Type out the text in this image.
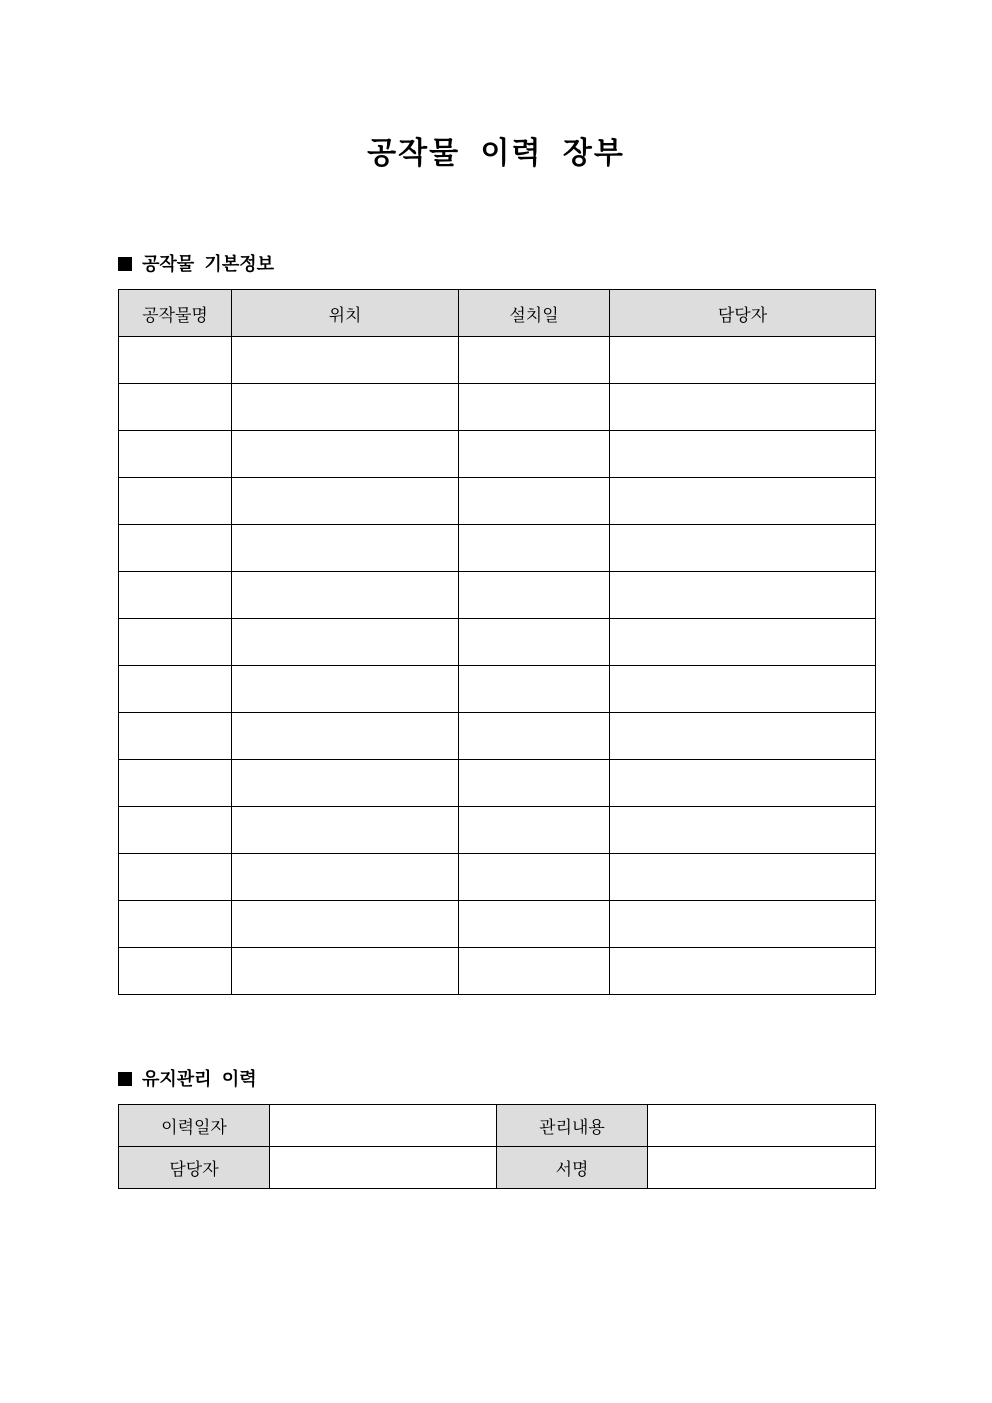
공작물 이력 장부
공작물 기본정보
공작물명	위치	설치일	담당자

유지관리 이력
이력일자		관리내용	
담당자		서명	
